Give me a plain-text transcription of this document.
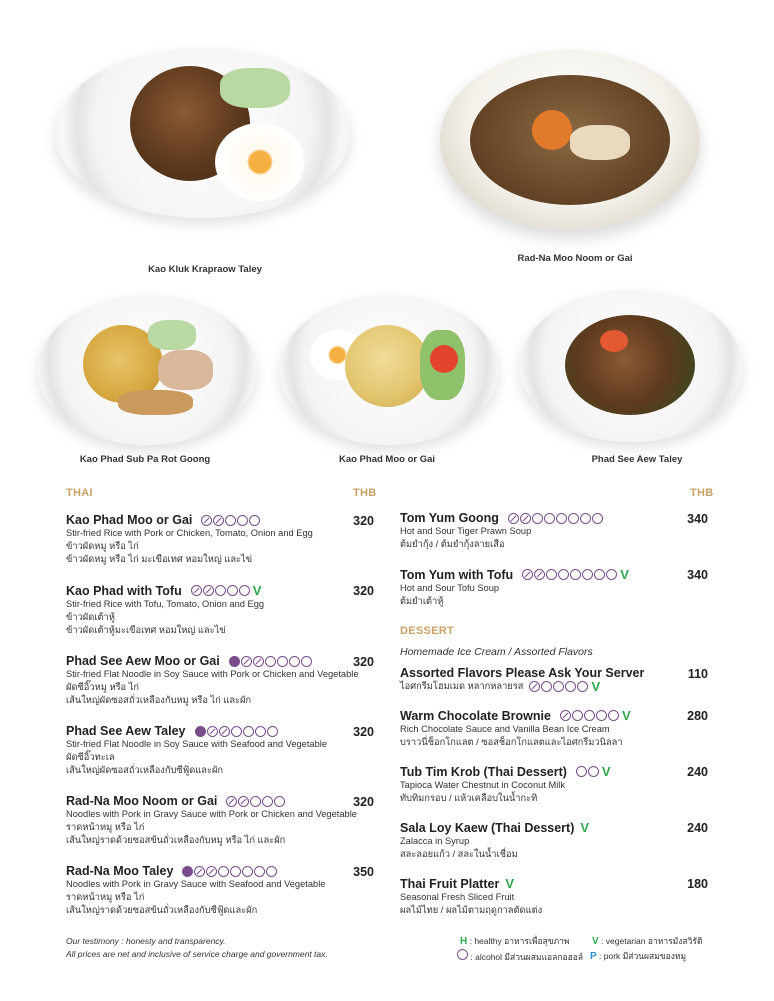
Kao Kluk Krapraow Taley
Rad-Na Moo Noom or Gai
Kao Phad Sub Pa Rot Goong	Kao Phad Moo or Gai	Phad See Aew Taley
THAI	THB
Kao Phad Moo or Gai
Stir-fried Rice with Pork or Chicken, Tomato, Onion and Egg
ข้าวผัดหมู หรือ ไก่
ข้าวผัดหมู หรือ ไก่ มะเขือเทศ หอมใหญ่ และไข่
320
Kao Phad with Tofu	V
Stir-fried Rice with Tofu, Tomato, Onion and Egg
ข้าวผัดเต้าหู้
ข้าวผัดเต้าหู้มะเขือเทศ หอมใหญ่ และไข่
320
Phad See Aew Moo or Gai
Stir-fried Flat Noodle in Soy Sauce with Pork or Chicken and Vegetable
ผัดซีอิ๊วหมู หรือ ไก่
เส้นใหญ่ผัดซอสถั่วเหลืองกับหมู หรือ ไก่ และผัก
320
Phad See Aew Taley
Stir-fried Flat Noodle in Soy Sauce with Seafood and Vegetable
ผัดซีอิ๊วทะเล
เส้นใหญ่ผัดซอสถั่วเหลืองกับซีฟู้ดและผัก
320
Rad-Na Moo Noom or Gai
Noodles with Pork in Gravy Sauce with Pork or Chicken and Vegetable
ราดหน้าหมู หรือ ไก่
เส้นใหญ่ราดด้วยซอสข้นถั่วเหลืองกับหมู หรือ ไก่ และผัก
320
Rad-Na Moo Taley
Noodles with Pork in Gravy Sauce with Seafood and Vegetable
ราดหน้าหมู หรือ ไก่
เส้นใหญ่ราดด้วยซอสข้นถั่วเหลืองกับซีฟู้ดและผัก
350
THB
Tom Yum Goong
Hot and Sour Tiger Prawn Soup
ต้มยำกุ้ง / ต้มยำกุ้งลายเสือ
340
Tom Yum with Tofu	V
Hot and Sour Tofu Soup
ต้มยำเต้าหู้
340
DESSERT
Homemade Ice Cream / Assorted Flavors
Assorted Flavors Please Ask Your Server
ไอศกรีมโฮมเมด หลากหลายรส	V
110
Warm Chocolate Brownie	V
Rich Chocolate Sauce and Vanilla Bean Ice Cream
บราวนี่ช็อกโกแลต / ซอสช็อกโกแลตและไอศกรีมวนิลลา
280
Tub Tim Krob (Thai Dessert)	V
Tapioca Water Chestnut in Coconut Milk
ทับทิมกรอบ / แห้วเคลือบในน้ำกะทิ
240
Sala Loy Kaew (Thai Dessert) V
Zalacca in Syrup
สละลอยแก้ว / สละในน้ำเชื่อม
240
Thai Fruit Platter V
Seasonal Fresh Sliced Fruit
ผลไม้ไทย / ผลไม้ตามฤดูกาลตัดแต่ง
180
Our testimony : honesty and transparency.
All prices are net and inclusive of service charge and government tax.
H : healthy อาหารเพื่อสุขภาพ V : vegetarian อาหารมังสวิรัติ
: alcohol มีส่วนผสมแอลกอฮอล์ P : pork มีส่วนผสมของหมู
